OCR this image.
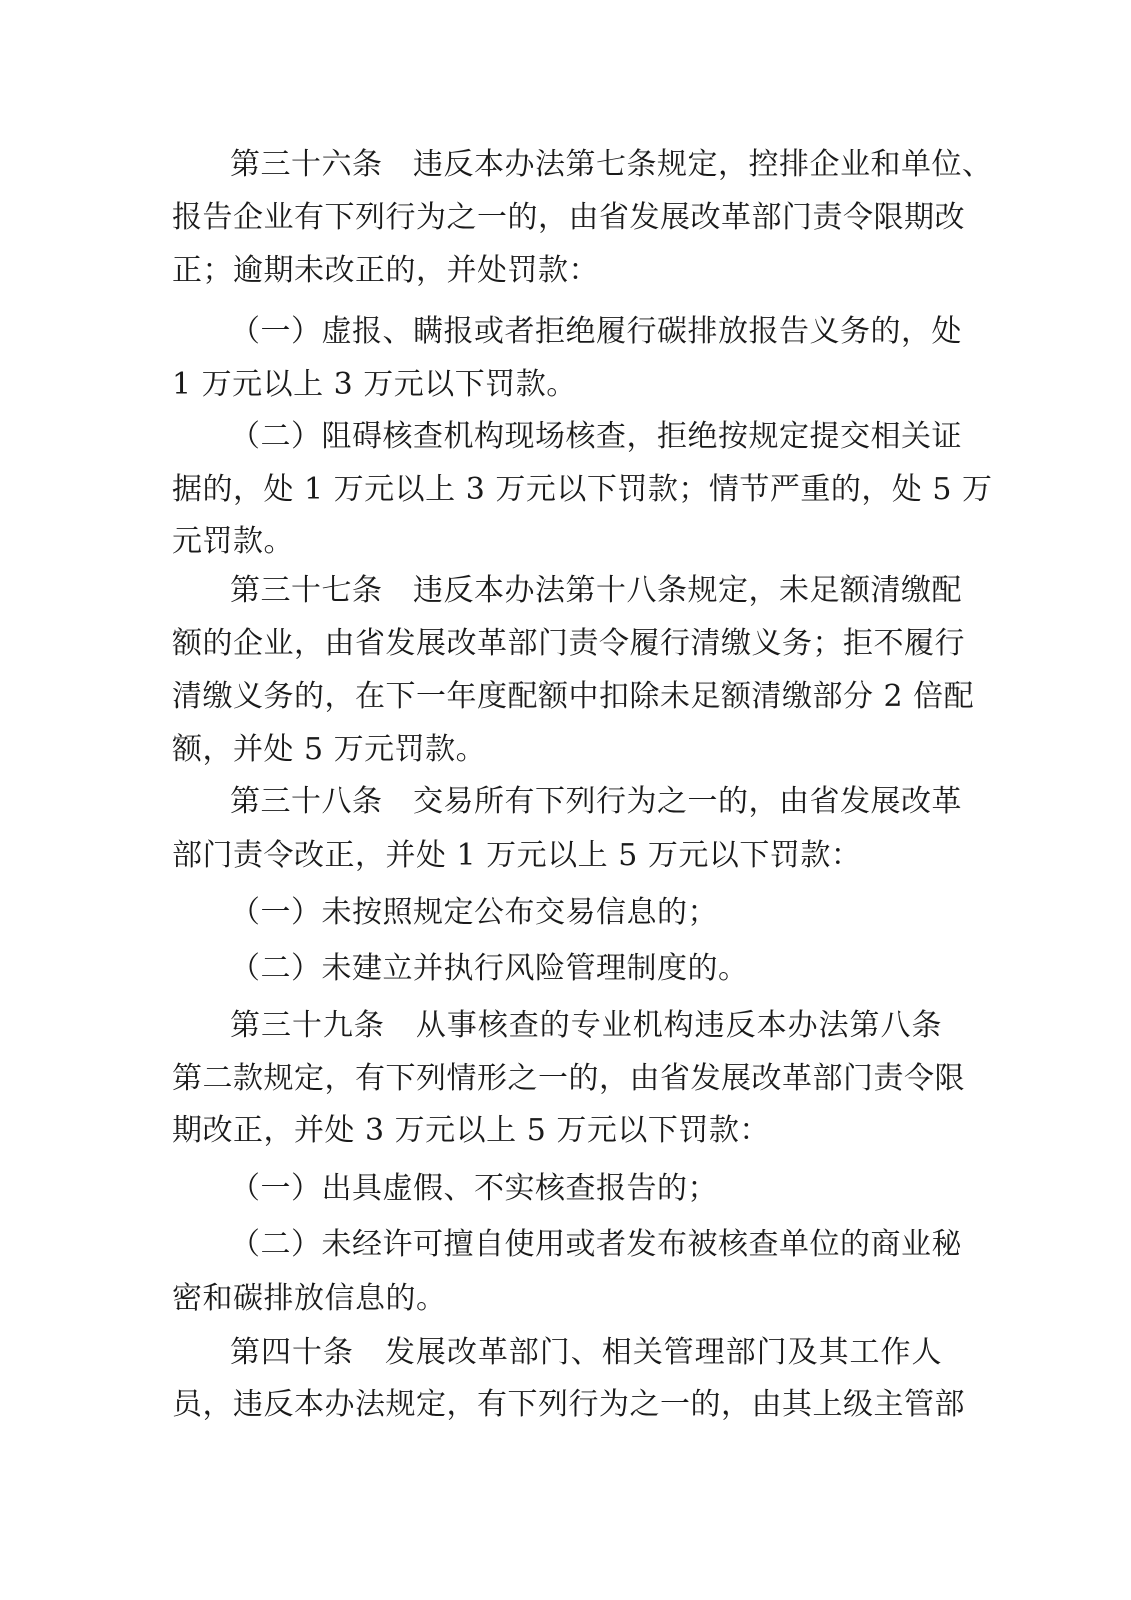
第三十六条　违反本办法第七条规定，控排企业和单位、
报告企业有下列行为之一的，由省发展改革部门责令限期改
正；逾期未改正的，并处罚款：
（一）虚报、瞒报或者拒绝履行碳排放报告义务的，处
1 万元以上 3 万元以下罚款。
（二）阻碍核查机构现场核查，拒绝按规定提交相关证
据的，处 1 万元以上 3 万元以下罚款；情节严重的，处 5 万
元罚款。
第三十七条　违反本办法第十八条规定，未足额清缴配
额的企业，由省发展改革部门责令履行清缴义务；拒不履行
清缴义务的，在下一年度配额中扣除未足额清缴部分 2 倍配
额，并处 5 万元罚款。
第三十八条　交易所有下列行为之一的，由省发展改革
部门责令改正，并处 1 万元以上 5 万元以下罚款：
（一）未按照规定公布交易信息的；
（二）未建立并执行风险管理制度的。
第三十九条　从事核查的专业机构违反本办法第八条
第二款规定，有下列情形之一的，由省发展改革部门责令限
期改正，并处 3 万元以上 5 万元以下罚款：
（一）出具虚假、不实核查报告的；
（二）未经许可擅自使用或者发布被核查单位的商业秘
密和碳排放信息的。
第四十条　发展改革部门、相关管理部门及其工作人
员，违反本办法规定，有下列行为之一的，由其上级主管部
